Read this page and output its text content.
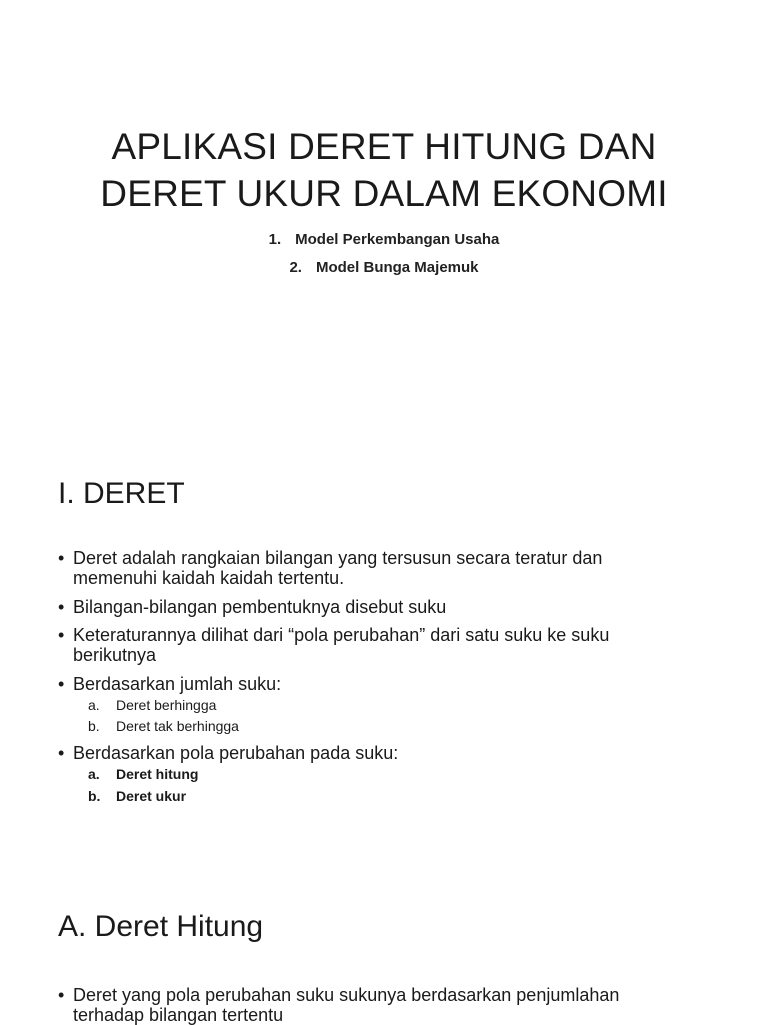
APLIKASI DERET HITUNG DAN
DERET UKUR DALAM EKONOMI
1. Model Perkembangan Usaha
2. Model Bunga Majemuk
I. DERET
• Deret adalah rangkaian bilangan yang tersusun secara teratur dan
memenuhi kaidah kaidah tertentu.
• Bilangan-bilangan pembentuknya disebut suku
• Keteraturannya dilihat dari “pola perubahan” dari satu suku ke suku
berikutnya
• Berdasarkan jumlah suku:
a. Deret berhingga
b. Deret tak berhingga
• Berdasarkan pola perubahan pada suku:
a. Deret hitung
b. Deret ukur
A. Deret Hitung
• Deret yang pola perubahan suku sukunya berdasarkan penjumlahan
terhadap bilangan tertentu
